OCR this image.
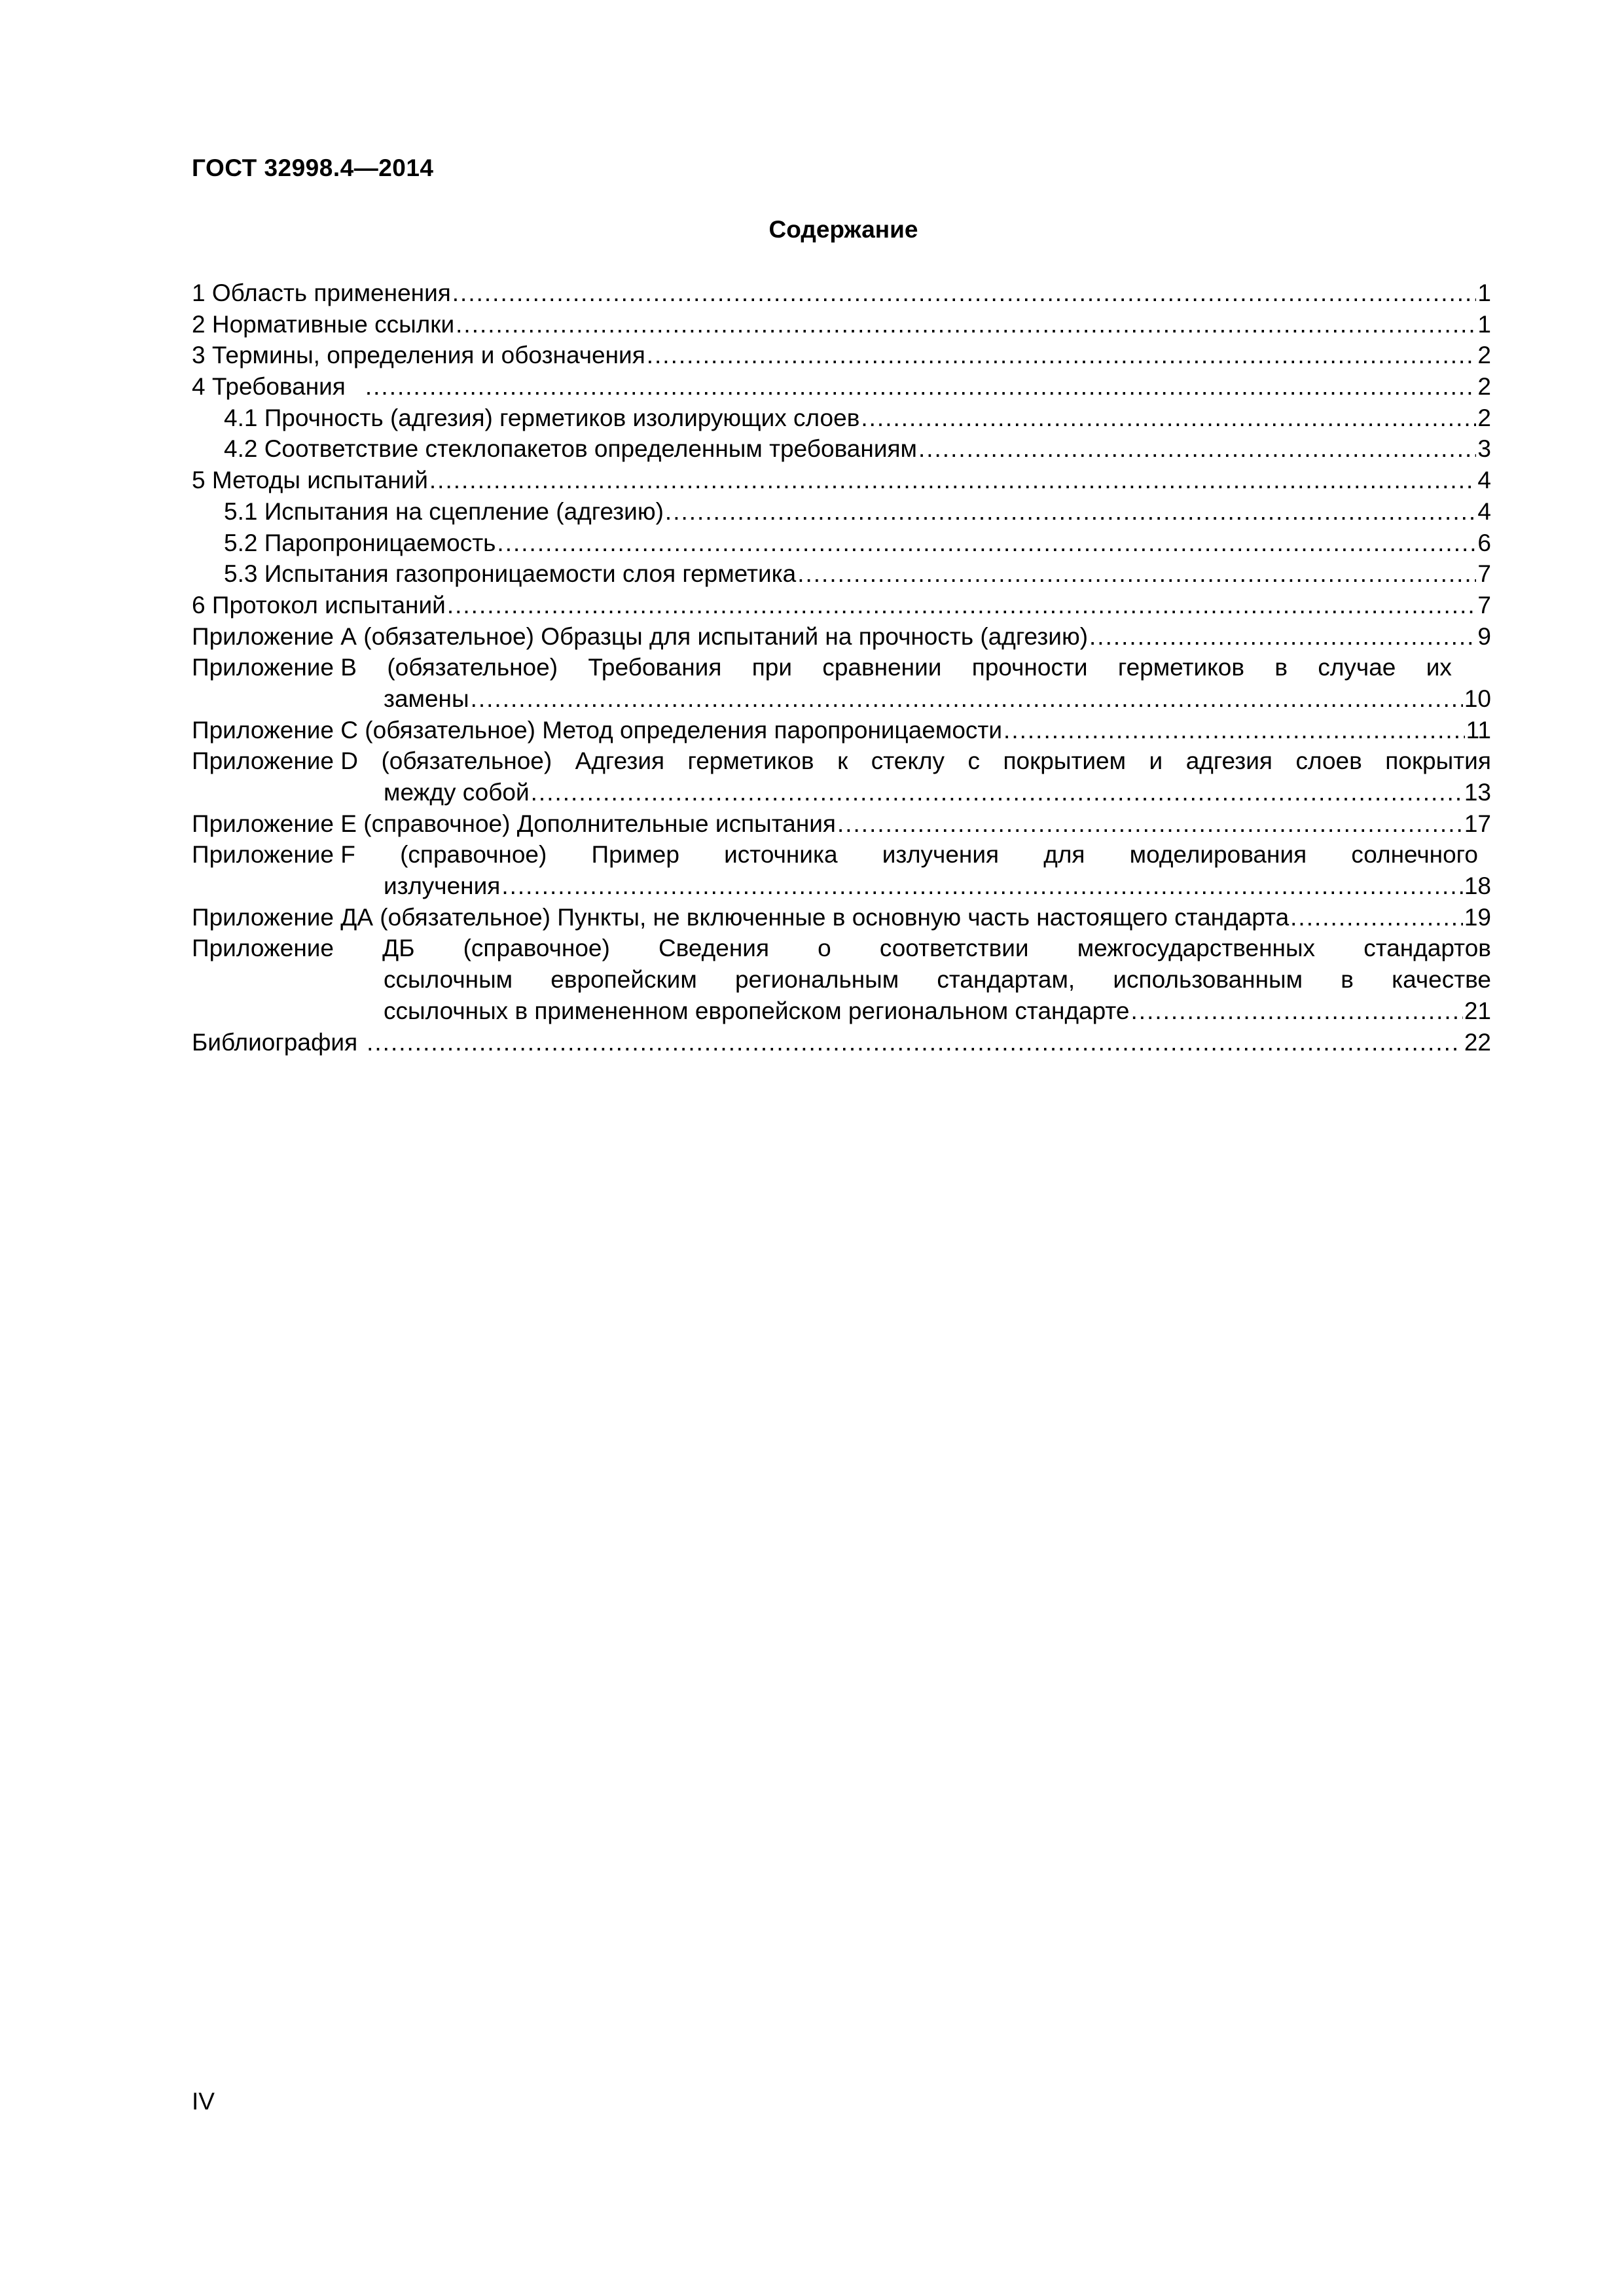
ГОСТ 32998.4—2014
Содержание
1 Область применения .....	1
2 Нормативные ссылки .....	1
3 Термины, определения и обозначения .....	2
4 Требования .....	2
4.1 Прочность (адгезия) герметиков изолирующих слоев .....	2
4.2 Соответствие стеклопакетов определенным требованиям .....	3
5 Методы испытаний .....	4
5.1 Испытания на сцепление (адгезию) .....	4
5.2 Паропроницаемость .....	6
5.3 Испытания газопроницаемости слоя герметика .....	7
6 Протокол испытаний .....	7
Приложение А (обязательное) Образцы для испытаний на прочность (адгезию) .....	9
Приложение В (обязательное) Требования при сравнении прочности герметиков в случае их
замены .....	10
Приложение С (обязательное) Метод определения паропроницаемости .....	11
Приложение D (обязательное) Адгезия герметиков к стеклу с покрытием и адгезия слоев покрытия
между собой .....	13
Приложение Е (справочное) Дополнительные испытания .....	17
Приложение F (справочное) Пример источника излучения для моделирования солнечного
излучения .....	18
Приложение ДА (обязательное) Пункты, не включенные в основную часть настоящего стандарта .....	19
Приложение ДБ (справочное) Сведения о соответствии межгосударственных стандартов
ссылочным европейским региональным стандартам, использованным в качестве
ссылочных в примененном европейском региональном стандарте .....	21
Библиография .....	22
IV
